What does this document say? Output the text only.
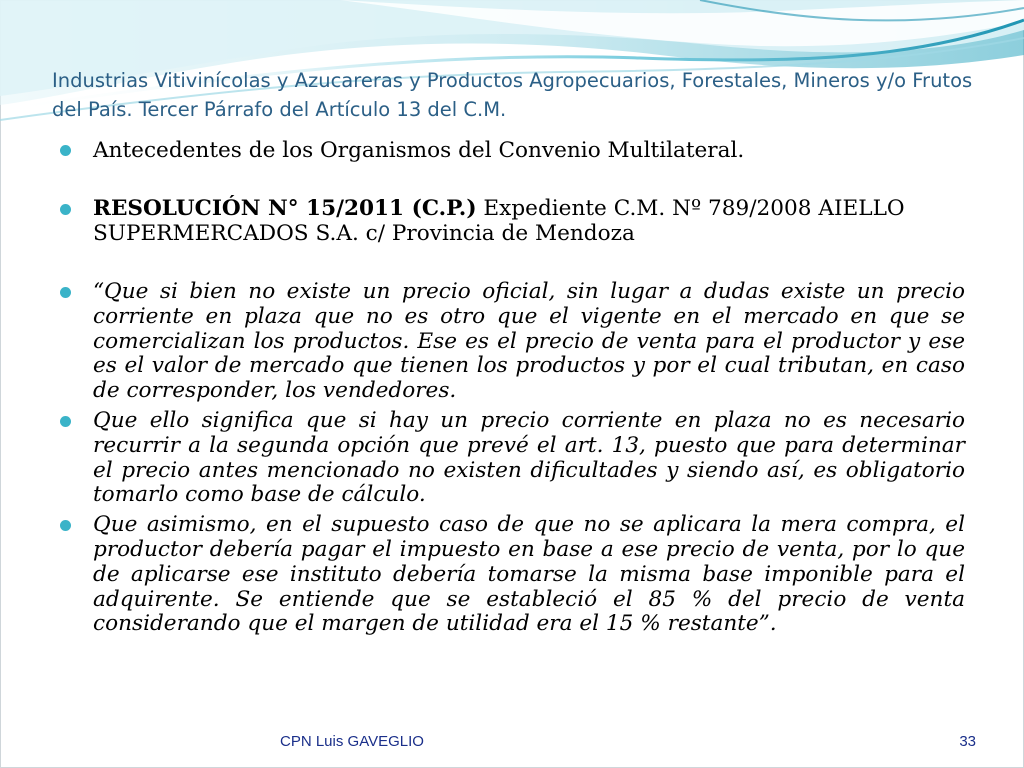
Industrias Vitivinícolas y Azucareras y Productos Agropecuarios, Forestales, Mineros y/o Frutos del País. Tercer Párrafo del Artículo 13 del C.M.
Antecedentes de los Organismos del Convenio Multilateral.
RESOLUCIÓN N° 15/2011 (C.P.) Expediente C.M. Nº 789/2008 AIELLO SUPERMERCADOS S.A. c/ Provincia de Mendoza
“Que si bien no existe un precio oficial, sin lugar a dudas existe un precio corriente en plaza que no es otro que el vigente en el mercado en que se comercializan los productos. Ese es el precio de venta para el productor y ese es el valor de mercado que tienen los productos y por el cual tributan, en caso de corresponder, los vendedores.
Que ello significa que si hay un precio corriente en plaza no es necesario recurrir a la segunda opción que prevé el art. 13, puesto que para determinar el precio antes mencionado no existen dificultades y siendo así, es obligatorio tomarlo como base de cálculo.
Que asimismo, en el supuesto caso de que no se aplicara la mera compra, el productor debería pagar el impuesto en base a ese precio de venta, por lo que de aplicarse ese instituto debería tomarse la misma base imponible para el adquirente. Se entiende que se estableció el 85 % del precio de venta considerando que el margen de utilidad era el 15 % restante”.
CPN Luis GAVEGLIO	33
